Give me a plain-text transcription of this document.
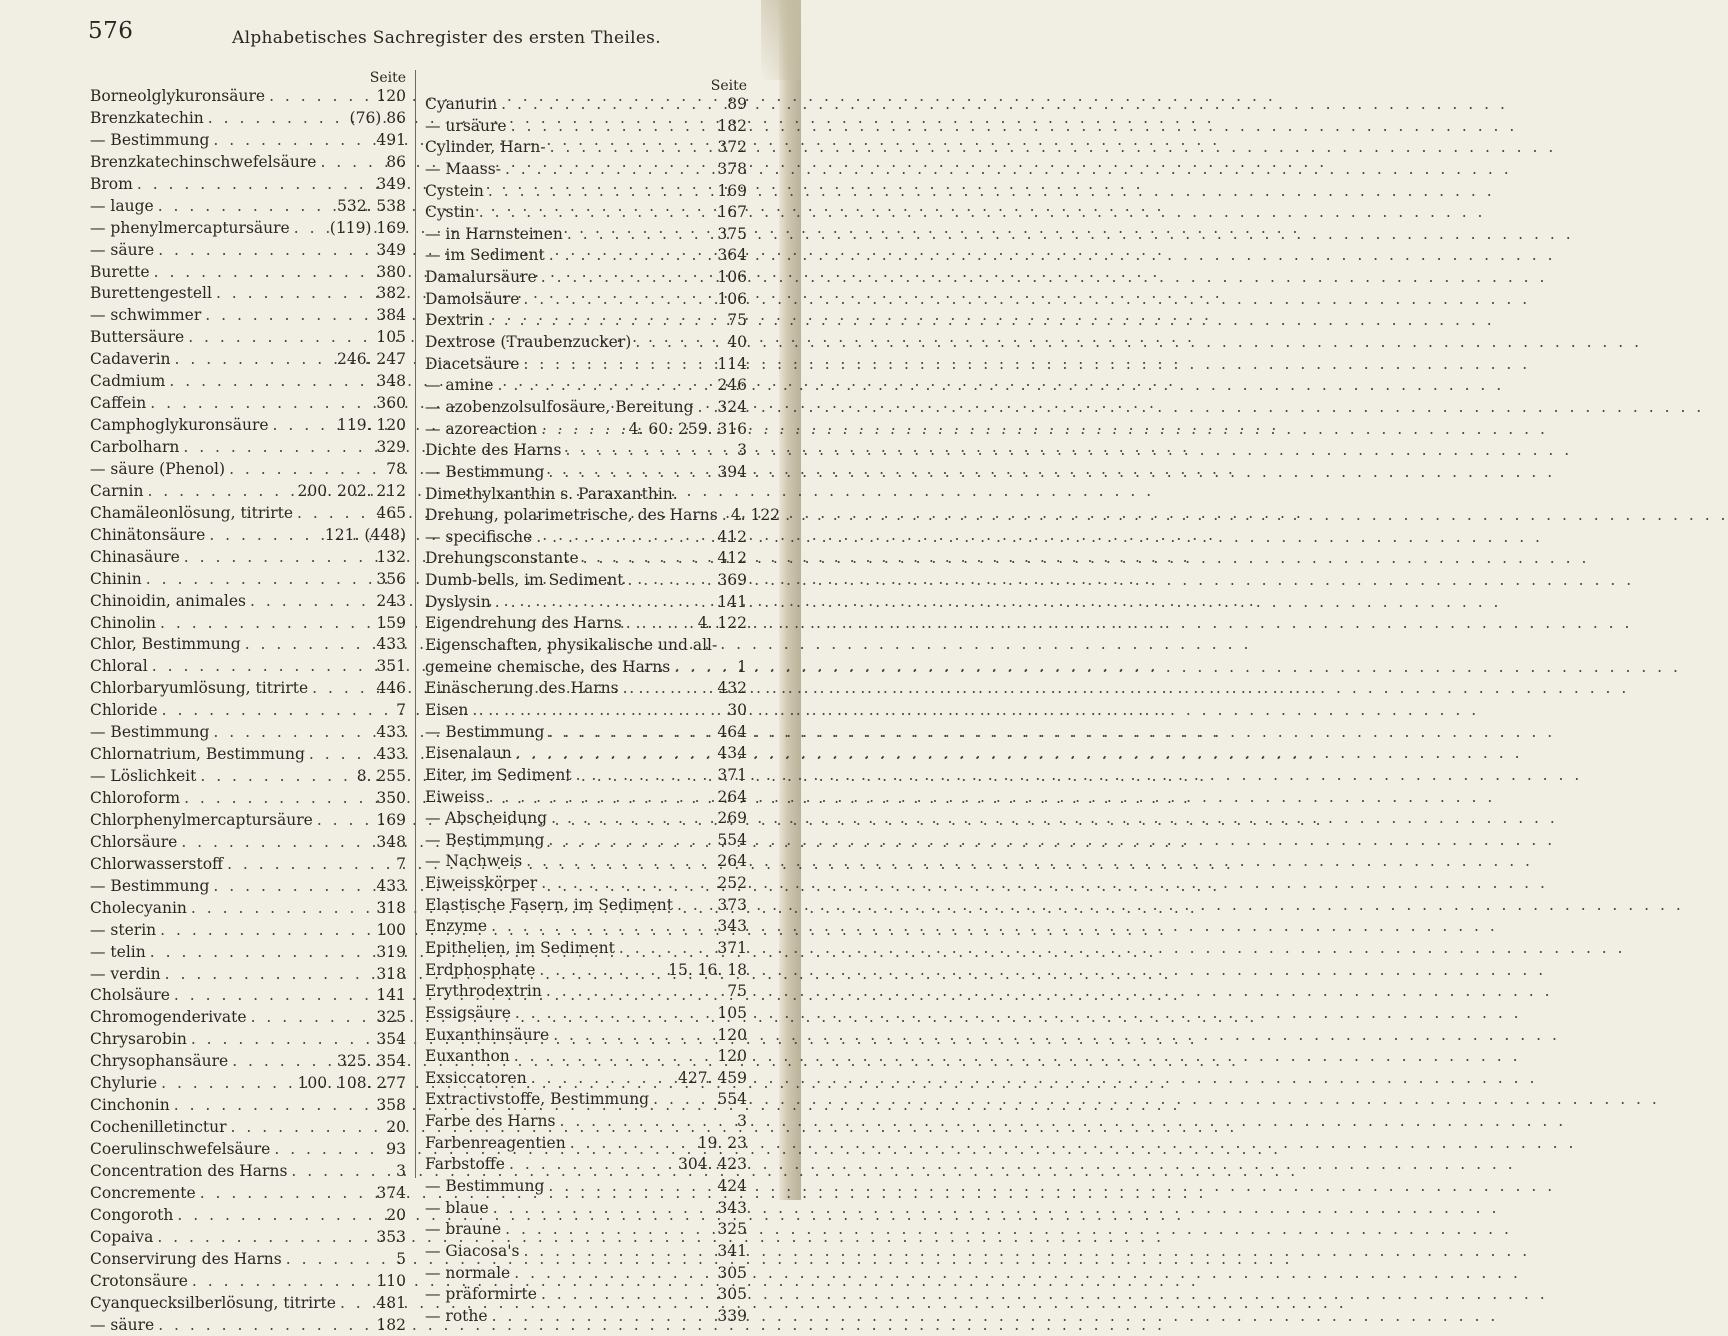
576	Alphabetisches Sachregister des ersten Theiles.
Seite
Borneolglykuronsäure . . .	120
Brenzkatechin . . .	(76) 86
— Bestimmung . . .	491
Brenzkatechinschwefelsäure . . .	86
Brom . . .	349
— lauge . . .	532. 538
— phenylmercaptursäure . . .	(119) 169
— säure . . .	349
Burette . . .	380
Burettengestell . . .	382
— schwimmer . . .	384
Buttersäure . . .	105
Cadaverin . . .	246. 247
Cadmium . . .	348
Caffein . . .	360
Camphoglykuronsäure . . .	119. 120
Carbolharn . . .	329
— säure (Phenol) . . .	78
Carnin . . .	200. 202. 212
Chamäleonlösung, titrirte . . .	465
Chinätonsäure . . .	121. (448)
Chinasäure . . .	132
Chinin . . .	356
Chinoidin, animales . . .	243
Chinolin . . .	159
Chlor, Bestimmung . . .	433
Chloral . . .	351
Chlorbaryumlösung, titrirte . . .	446
Chloride . . .	7
— Bestimmung . . .	433
Chlornatrium, Bestimmung . . .	433
— Löslichkeit . . .	8. 255
Chloroform . . .	350
Chlorphenylmercaptursäure . . .	169
Chlorsäure . . .	348
Chlorwasserstoff . . .	7
— Bestimmung . . .	433
Cholecyanin . . .	318
— sterin . . .	100
— telin . . .	319
— verdin . . .	318
Cholsäure . . .	141
Chromogenderivate . . .	325
Chrysarobin . . .	354
Chrysophansäure . . .	325. 354
Chylurie . . .	100. 108. 277
Cinchonin . . .	358
Cochenilletinctur . . .	20
Coerulinschwefelsäure . . .	93
Concentration des Harns . . .	3
Concremente . . .	374
Congoroth . . .	20
Copaiva . . .	353
Conservirung des Harns . . .	5
Crotonsäure . . .	110
Cyanquecksilberlösung, titrirte . . .	481
— säure . . .	182
Seite
Cyanurin . . .	89
— ursäure . . .	182
Cylinder, Harn- . . .	372
— Maass- . . .	378
Cystein . . .	169
Cystin . . .	167
— in Harnsteinen . . .	375
— im Sediment . . .	364
Damalursäure . . .	106
Damolsäure . . .	106
Dextrin . . .	75
Dextrose (Traubenzucker) . . .	40
Diacetsäure . . .	114
— amine . . .	246
— azobenzolsulfosäure, Bereitung . . . 324
— azoreaction . . .	4. 60. 259. 316
Dichte des Harns . . .	3
— Bestimmung . . .	394
Dimethylxanthin s. Paraxanthin.
Drehung, polarimetrische, des Harns . . . 4. 122
— specifische . . .	412
Drehungsconstante . . .	412
Dumb-bells, im Sediment . . .	369
Dyslysin . . .	141
Eigendrehung des Harns . . .	4. 122
Eigenschaften, physikalische und all-
gemeine chemische, des Harns . . .	1
Einäscherung des Harns . . .	432
Eisen . . .	30
— Bestimmung . . .	464
Eisenalaun . . .	434
Eiter, im Sediment . . .	371
Eiweiss . . .	264
— Abscheidung . . .	269
— Bestimmung . . .	554
— Nachweis . . .	264
Eiweisskörper . . .	252
Elastische Fasern, im Sediment . . .	373
Enzyme . . .	343
Epithelien, im Sediment . . .	371
Erdphosphate . . .	15. 16. 18
Erythrodextrin . . .	75
Essigsäure . . .	105
Euxanthinsäure . . .	120
Euxanthon . . .	120
Exsiccatoren . . .	427. 459
Extractivstoffe, Bestimmung . . .	554
Farbe des Harns . . .	3
Farbenreagentien . . .	19. 23
Farbstoffe . . .	304. 423
— Bestimmung . . .	424
— blaue . . .	343
— braune . . .	325
— Giacosa's . . .	341
— normale . . .	305
— präformirte . . .	305
— rothe . . .	339
